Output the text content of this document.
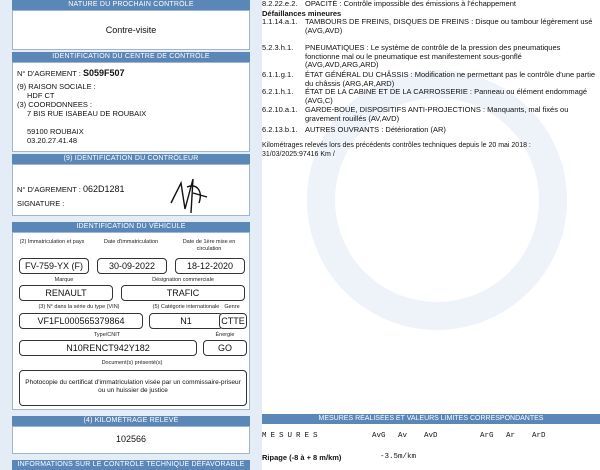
NATURE DU PROCHAIN CONTRÔLE
Contre-visite
IDENTIFICATION DU CENTRE DE CONTRÔLE
N° D'AGREMENT : S059F507
(9) RAISON SOCIALE :
HDF CT
(3) COORDONNEES :
7 BIS RUE ISABEAU DE ROUBAIX
59100 ROUBAIX
03.20.27.41.48
(9) IDENTIFICATION DU CONTRÔLEUR
N° D'AGREMENT : 062D1281
SIGNATURE :
IDENTIFICATION DU VÉHICULE
(2) Immatriculation et pays	Date d'immatriculation	Date de 1ère mise en
circulation
FV-759-YX (F)	30-09-2022	18-12-2020
Marque	Désignation commerciale
RENAULT	TRAFIC
(3) N° dans la série du type (VIN)	(5) Catégorie internationale Genre
VF1FL000565379864	N1	CTTE
Type/CNIT	Énergie
N10RENCT942Y182	GO
Document(s) présenté(s)
Photocopie du certificat d'immatriculation visée par un commissaire-priseur ou un huissier de justice
(4) KILOMÉTRAGE RELEVÉ
102566
INFORMATIONS SUR LE CONTRÔLE TECHNIQUE DÉFAVORABLE
8.2.22.e.2. OPACITÉ : Contrôle impossible des émissions à l'échappement
Défaillances mineures
1.1.14.a.1. TAMBOURS DE FREINS, DISQUES DE FREINS : Disque ou tambour légèrement usé (AVG,AVD)
5.2.3.h.1. PNEUMATIQUES : Le système de contrôle de la pression des pneumatiques fonctionne mal ou le pneumatique est manifestement sous-gonflé (AVG,AVD,ARG,ARD)
6.1.1.g.1. ÉTAT GÉNÉRAL DU CHÂSSIS : Modification ne permettant pas le contrôle d'une partie du châssis (ARG,AR,ARD)
6.2.1.h.1. ÉTAT DE LA CABINE ET DE LA CARROSSERIE : Panneau ou élément endommagé (AVG,C)
6.2.10.a.1. GARDE-BOUE, DISPOSITIFS ANTI-PROJECTIONS : Manquants, mal fixés ou gravement rouillés (AV,AVD)
6.2.13.b.1. AUTRES OUVRANTS : Détérioration (AR)
Kilométrages relevés lors des précédents contrôles techniques depuis le 20 mai 2018 : 31/03/2025:97416 Km /
MESURES RÉALISÉES ET VALEURS LIMITES CORRESPONDANTES
MESURES	AvG Av AvD	ArG Ar ArD
Ripage (-8 à + 8 m/km)	-3.5m/km
